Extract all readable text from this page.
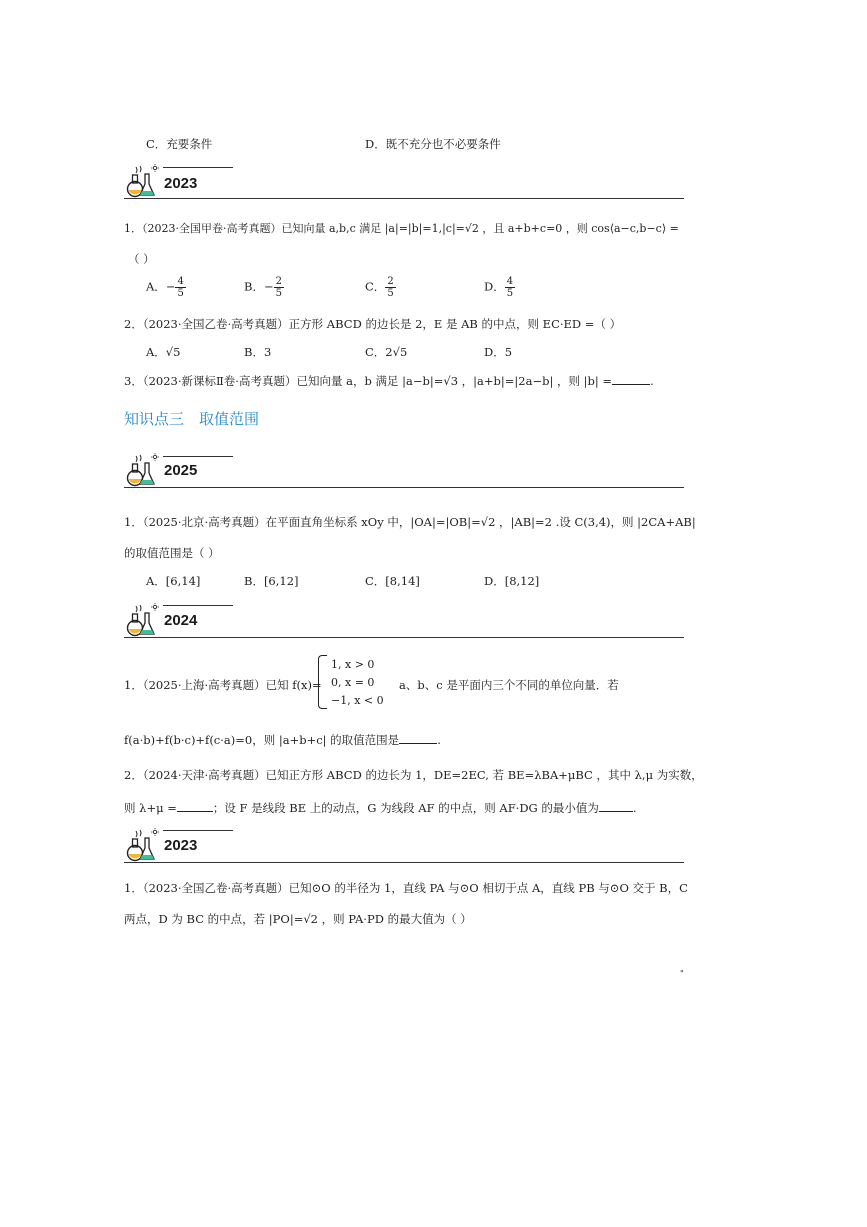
C．充要条件	D．既不充分也不必要条件
2023
1．（2023·全国甲卷·高考真题）已知向量 a,b,c 满足 |a|=|b|=1,|c|=√2 ，且 a+b+c=0 ，则 cos⟨a−c,b−c⟩ =
（ ）
A．− $\frac{4}{5}$	B．− $\frac{2}{5}$	C． $\frac{2}{5}$	D． $\frac{4}{5}$
2．（2023·全国乙卷·高考真题）正方形 ABCD 的边长是 2，E 是 AB 的中点，则 EC·ED =（ ）
A．√5	B．3	C．2√5	D．5
3．（2023·新课标Ⅱ卷·高考真题）已知向量 a，b 满足 |a−b|=√3 ，|a+b|=|2a−b| ，则 |b| =	.
知识点三　取值范围
2025
1．（2025·北京·高考真题）在平面直角坐标系 xOy 中，|OA|=|OB|=√2 ，|AB|=2 .设 C(3,4)，则 |2CA+AB|
的取值范围是（ ）
A．[6,14]	B．[6,12]	C．[8,14]	D．[8,12]
2024
1．（2025·上海·高考真题）已知 f(x)=
1, x > 0
0, x = 0
−1, x < 0
a、b、c 是平面内三个不同的单位向量．若
f(a·b)+f(b·c)+f(c·a)=0，则 |a+b+c| 的取值范围是	.
2．（2024·天津·高考真题）已知正方形 ABCD 的边长为 1，DE=2EC, 若 BE=λBA+μBC ，其中 λ,μ 为实数，
则 λ+μ =	；设 F 是线段 BE 上的动点，G 为线段 AF 的中点，则 AF·DG 的最小值为	.
2023
1．（2023·全国乙卷·高考真题）已知⊙O 的半径为 1，直线 PA 与⊙O 相切于点 A，直线 PB 与⊙O 交于 B，C
两点，D 为 BC 的中点，若 |PO|=√2 ，则 PA·PD 的最大值为（ ）
"
